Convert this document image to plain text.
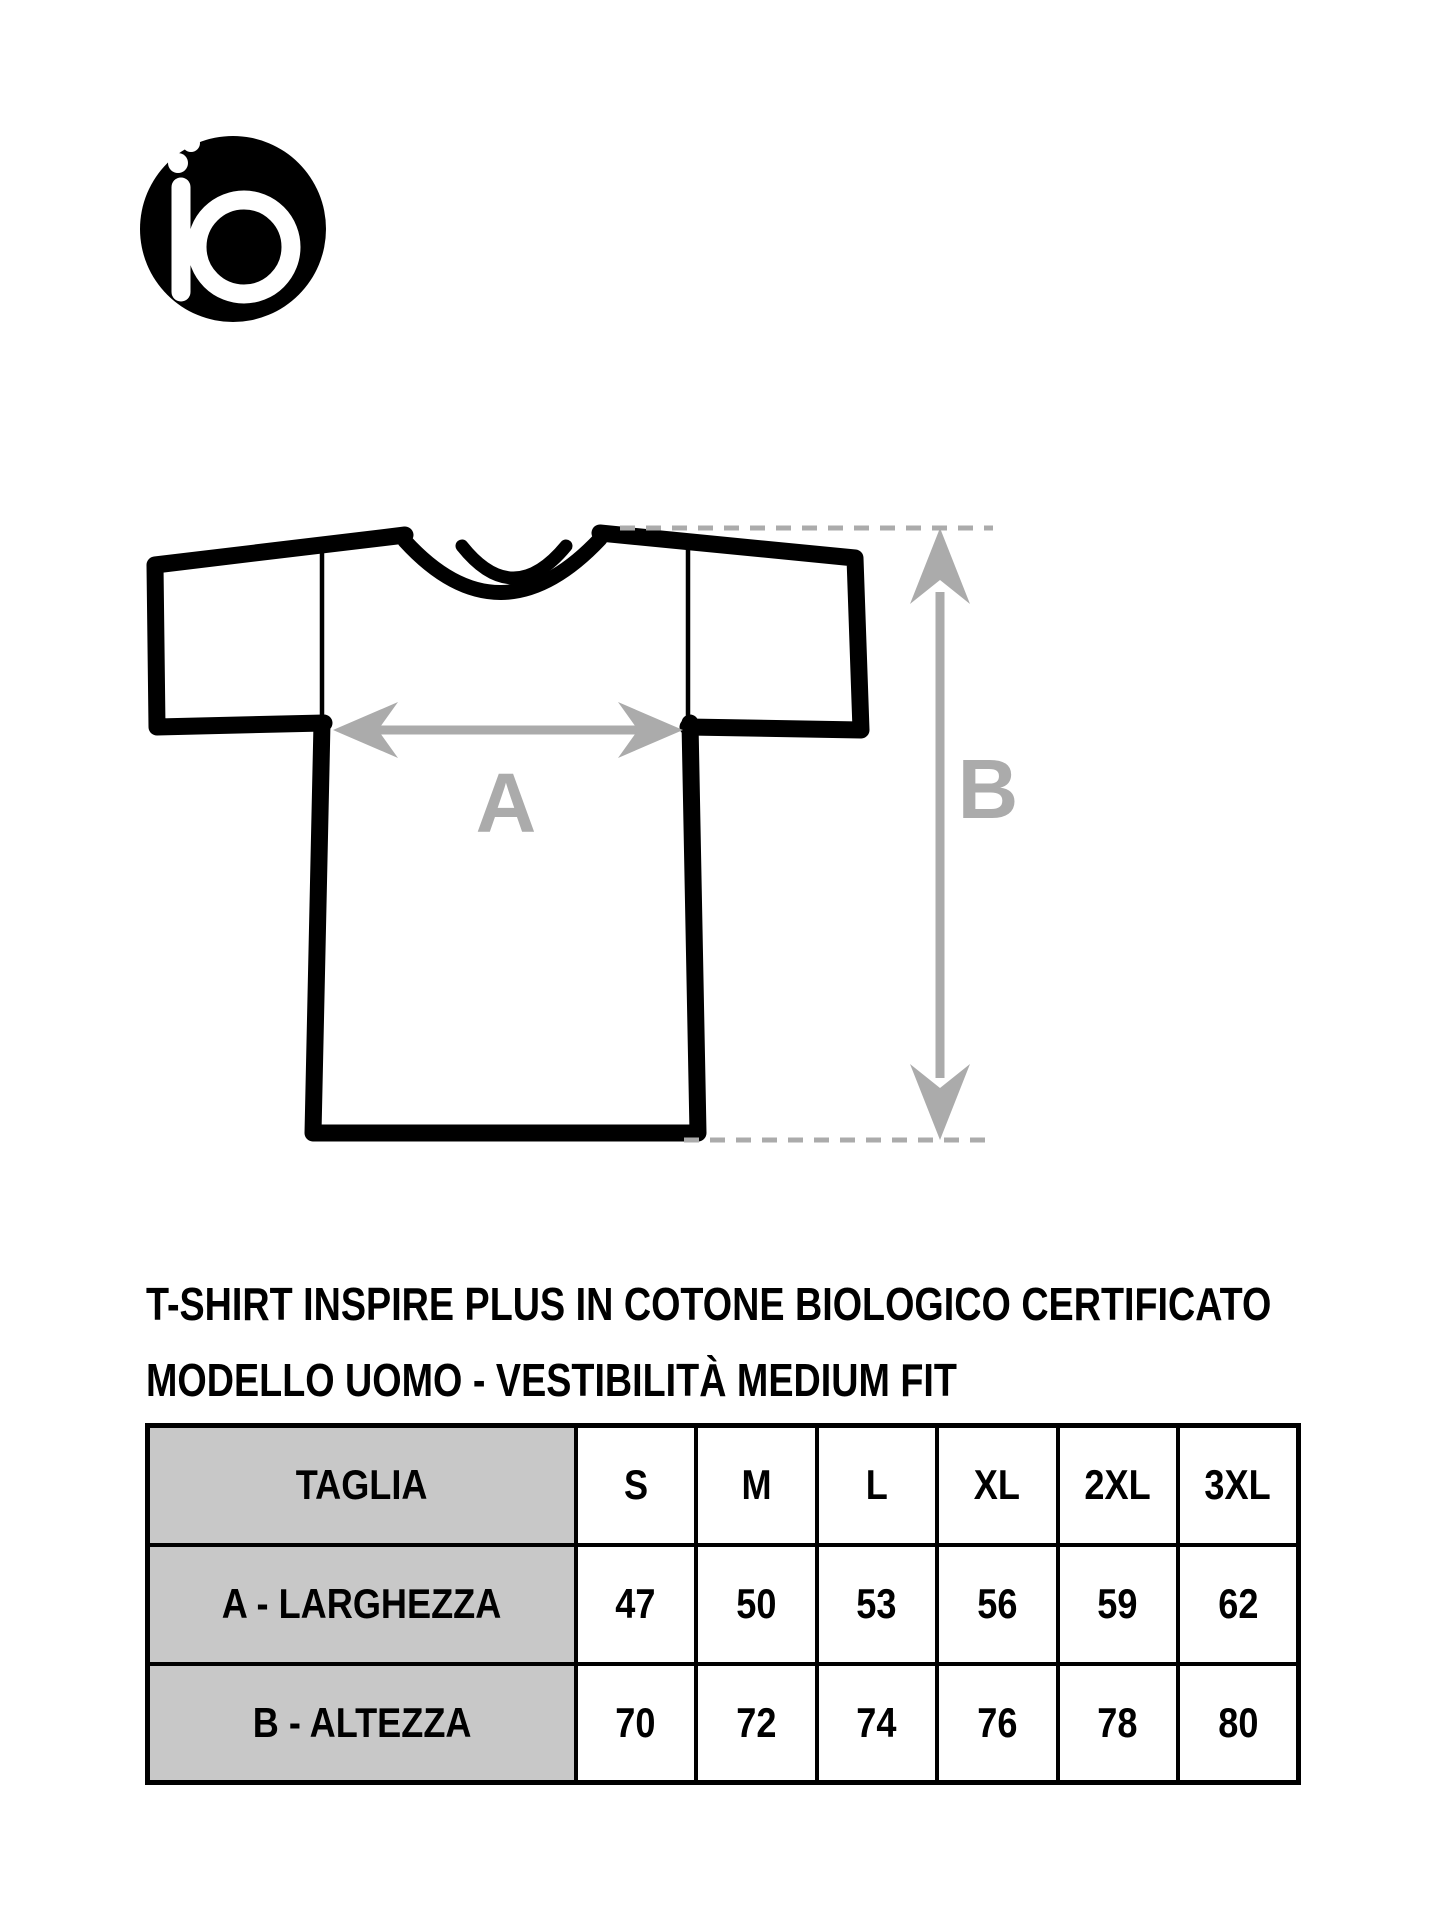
A	B
T-SHIRT INSPIRE PLUS IN COTONE BIOLOGICO CERTIFICATO
MODELLO UOMO - VESTIBILITÀ MEDIUM FIT
TAGLIA	S	M	L	XL	2XL	3XL
A - LARGHEZZA	47	50	53	56	59	62
B - ALTEZZA	70	72	74	76	78	80
